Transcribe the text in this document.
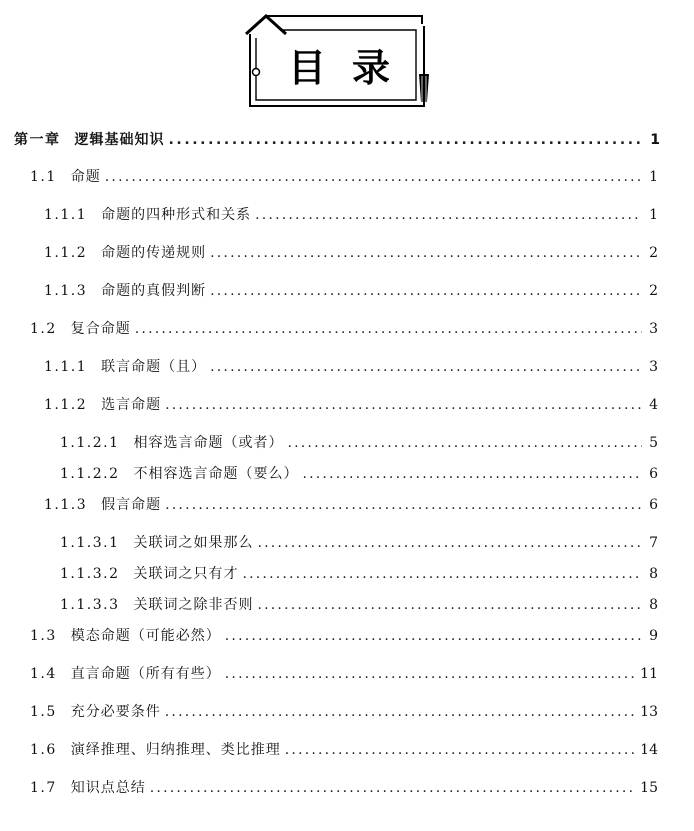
目录
第一章 逻辑基础知识 .....	1
1.1 命题 .....	1
1.1.1 命题的四种形式和关系 .....	1
1.1.2 命题的传递规则 .....	2
1.1.3 命题的真假判断 .....	2
1.2 复合命题 .....	3
1.1.1 联言命题（且） .....	3
1.1.2 选言命题 .....	4
1.1.2.1 相容选言命题（或者） .....	5
1.1.2.2 不相容选言命题（要么） .....	6
1.1.3 假言命题 .....	6
1.1.3.1 关联词之如果那么 .....	7
1.1.3.2 关联词之只有才 .....	8
1.1.3.3 关联词之除非否则 .....	8
1.3 模态命题（可能必然） .....	9
1.4 直言命题（所有有些） .....	11
1.5 充分必要条件 .....	13
1.6 演绎推理、归纳推理、类比推理 .....	14
1.7 知识点总结 .....	15
